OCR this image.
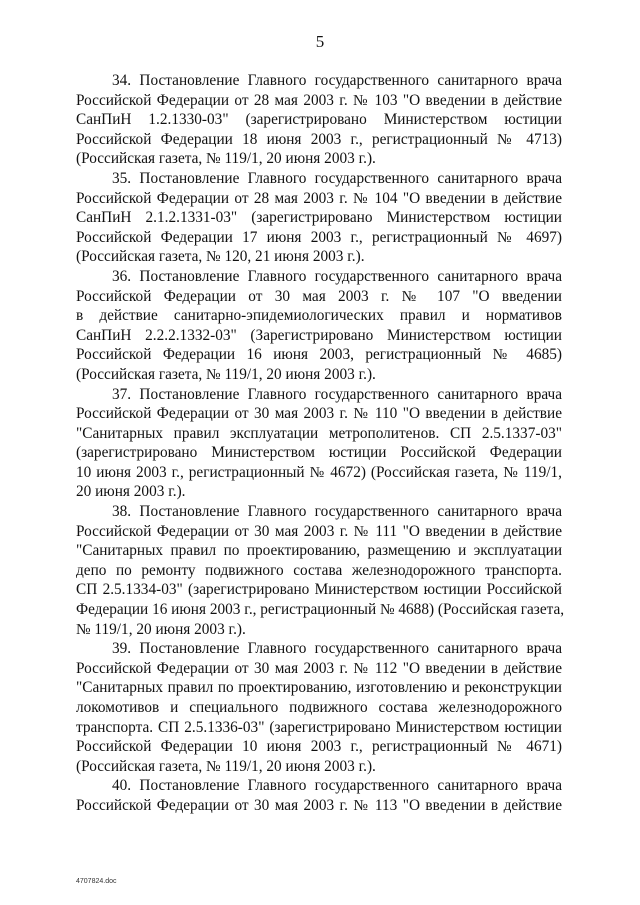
5
34. Постановление Главного государственного санитарного врача
Российской Федерации от 28 мая 2003 г. № 103 "О введении в действие
СанПиН 1.2.1330-03" (зарегистрировано Министерством юстиции
Российской Федерации 18 июня 2003 г., регистрационный № 4713)
(Российская газета, № 119/1, 20 июня 2003 г.).
35. Постановление Главного государственного санитарного врача
Российской Федерации от 28 мая 2003 г. № 104 "О введении в действие
СанПиН 2.1.2.1331-03" (зарегистрировано Министерством юстиции
Российской Федерации 17 июня 2003 г., регистрационный № 4697)
(Российская газета, № 120, 21 июня 2003 г.).
36. Постановление Главного государственного санитарного врача
Российской Федерации от 30 мая 2003 г. № 107 "О введении
в действие санитарно-эпидемиологических правил и нормативов
СанПиН 2.2.2.1332-03" (Зарегистрировано Министерством юстиции
Российской Федерации 16 июня 2003, регистрационный № 4685)
(Российская газета, № 119/1, 20 июня 2003 г.).
37. Постановление Главного государственного санитарного врача
Российской Федерации от 30 мая 2003 г. № 110 "О введении в действие
"Санитарных правил эксплуатации метрополитенов. СП 2.5.1337-03"
(зарегистрировано Министерством юстиции Российской Федерации
10 июня 2003 г., регистрационный № 4672) (Российская газета, № 119/1,
20 июня 2003 г.).
38. Постановление Главного государственного санитарного врача
Российской Федерации от 30 мая 2003 г. № 111 "О введении в действие
"Санитарных правил по проектированию, размещению и эксплуатации
депо по ремонту подвижного состава железнодорожного транспорта.
СП 2.5.1334-03" (зарегистрировано Министерством юстиции Российской
Федерации 16 июня 2003 г., регистрационный № 4688) (Российская газета,
№ 119/1, 20 июня 2003 г.).
39. Постановление Главного государственного санитарного врача
Российской Федерации от 30 мая 2003 г. № 112 "О введении в действие
"Санитарных правил по проектированию, изготовлению и реконструкции
локомотивов и специального подвижного состава железнодорожного
транспорта. СП 2.5.1336-03" (зарегистрировано Министерством юстиции
Российской Федерации 10 июня 2003 г., регистрационный № 4671)
(Российская газета, № 119/1, 20 июня 2003 г.).
40. Постановление Главного государственного санитарного врача
Российской Федерации от 30 мая 2003 г. № 113 "О введении в действие
4707824.doc
